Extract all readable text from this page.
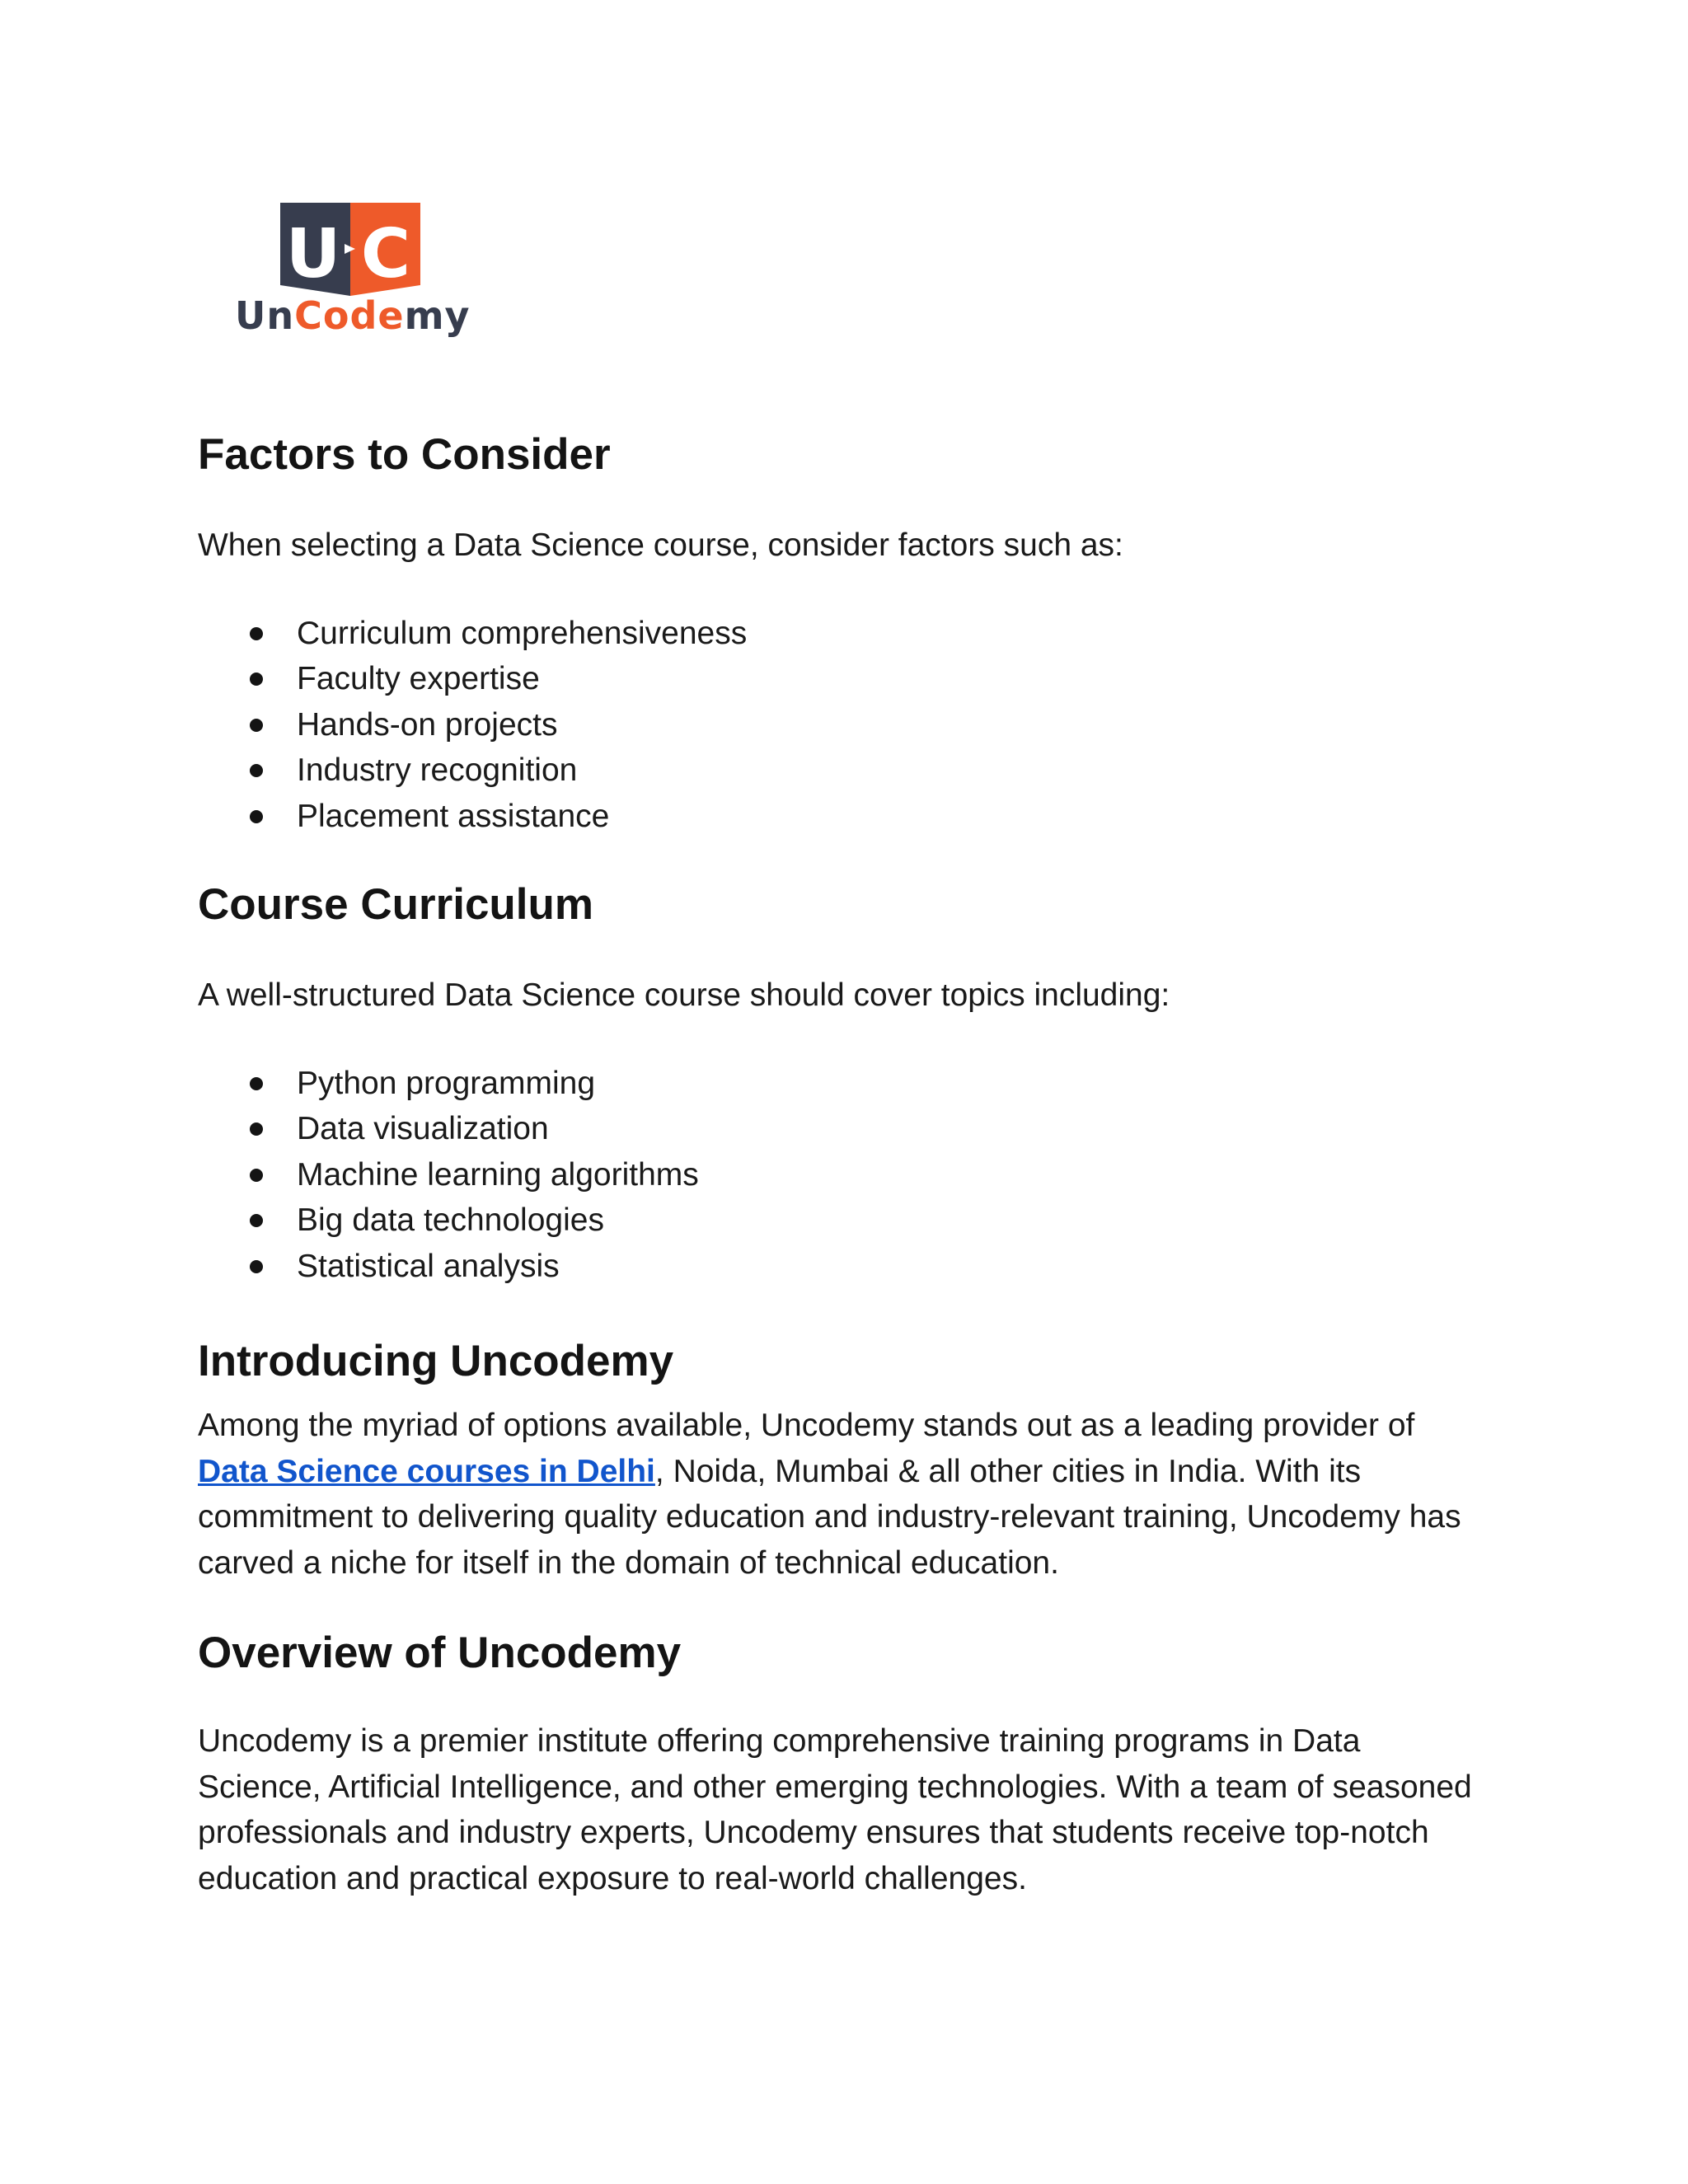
U C
UnCodemy
Factors to Consider

When selecting a Data Science course, consider factors such as:

Curriculum comprehensiveness
Faculty expertise
Hands-on projects
Industry recognition
Placement assistance
Course Curriculum

A well-structured Data Science course should cover topics including:

Python programming
Data visualization
Machine learning algorithms
Big data technologies
Statistical analysis
Introducing Uncodemy

Among the myriad of options available, Uncodemy stands out as a leading provider of Data Science courses in Delhi, Noida, Mumbai & all other cities in India. With its commitment to delivering quality education and industry-relevant training, Uncodemy has carved a niche for itself in the domain of technical education.

Overview of Uncodemy

Uncodemy is a premier institute offering comprehensive training programs in Data Science, Artificial Intelligence, and other emerging technologies. With a team of seasoned professionals and industry experts, Uncodemy ensures that students receive top-notch education and practical exposure to real-world challenges.
